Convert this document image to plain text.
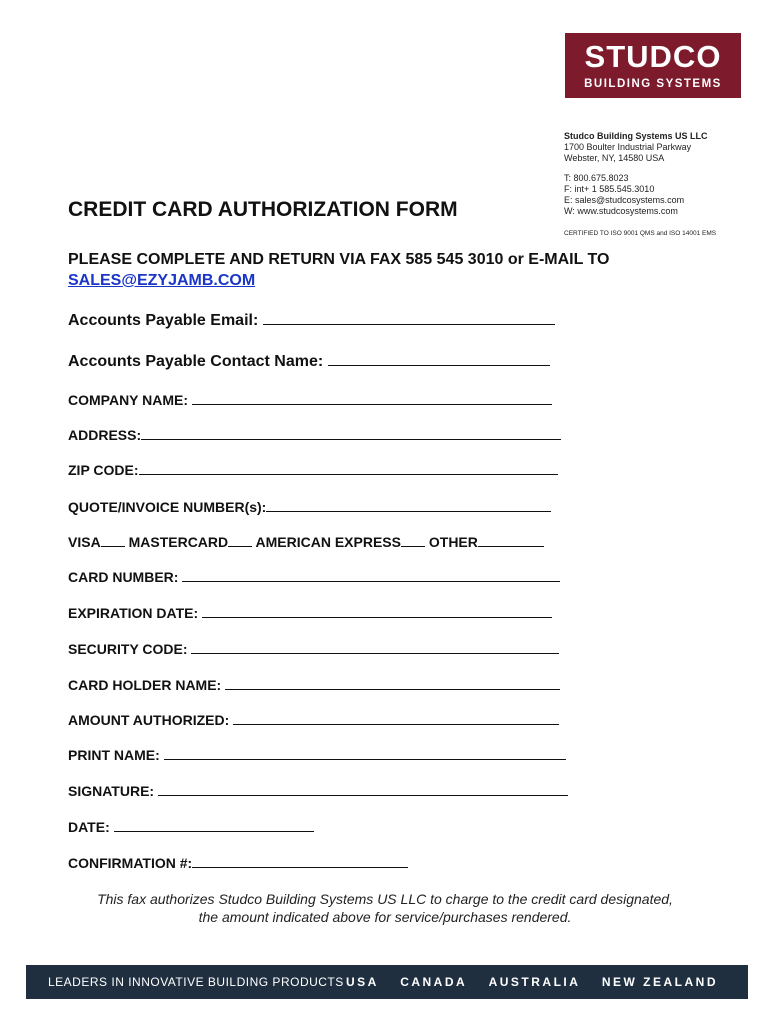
STUDCO
BUILDING SYSTEMS
Studco Building Systems US LLC
1700 Boulter Industrial Parkway
Webster, NY, 14580 USA
T: 800.675.8023
F: int+ 1 585.545.3010
E: sales@studcosystems.com
W: www.studcosystems.com
CERTIFIED TO ISO 9001 QMS and ISO 14001 EMS
CREDIT CARD AUTHORIZATION FORM
PLEASE COMPLETE AND RETURN VIA FAX 585 545 3010 or E-MAIL TO
SALES@EZYJAMB.COM
Accounts Payable Email:
Accounts Payable Contact Name:
COMPANY NAME:
ADDRESS:
ZIP CODE:
QUOTE/INVOICE NUMBER(s):
VISA MASTERCARD AMERICAN EXPRESS OTHER
CARD NUMBER:
EXPIRATION DATE:
SECURITY CODE:
CARD HOLDER NAME:
AMOUNT AUTHORIZED:
PRINT NAME:
SIGNATURE:
DATE:
CONFIRMATION #:
This fax authorizes Studco Building Systems US LLC to charge to the credit card designated,
the amount indicated above for service/purchases rendered.
LEADERS IN INNOVATIVE BUILDING PRODUCTS USA CANADA AUSTRALIA NEW ZEALAND
